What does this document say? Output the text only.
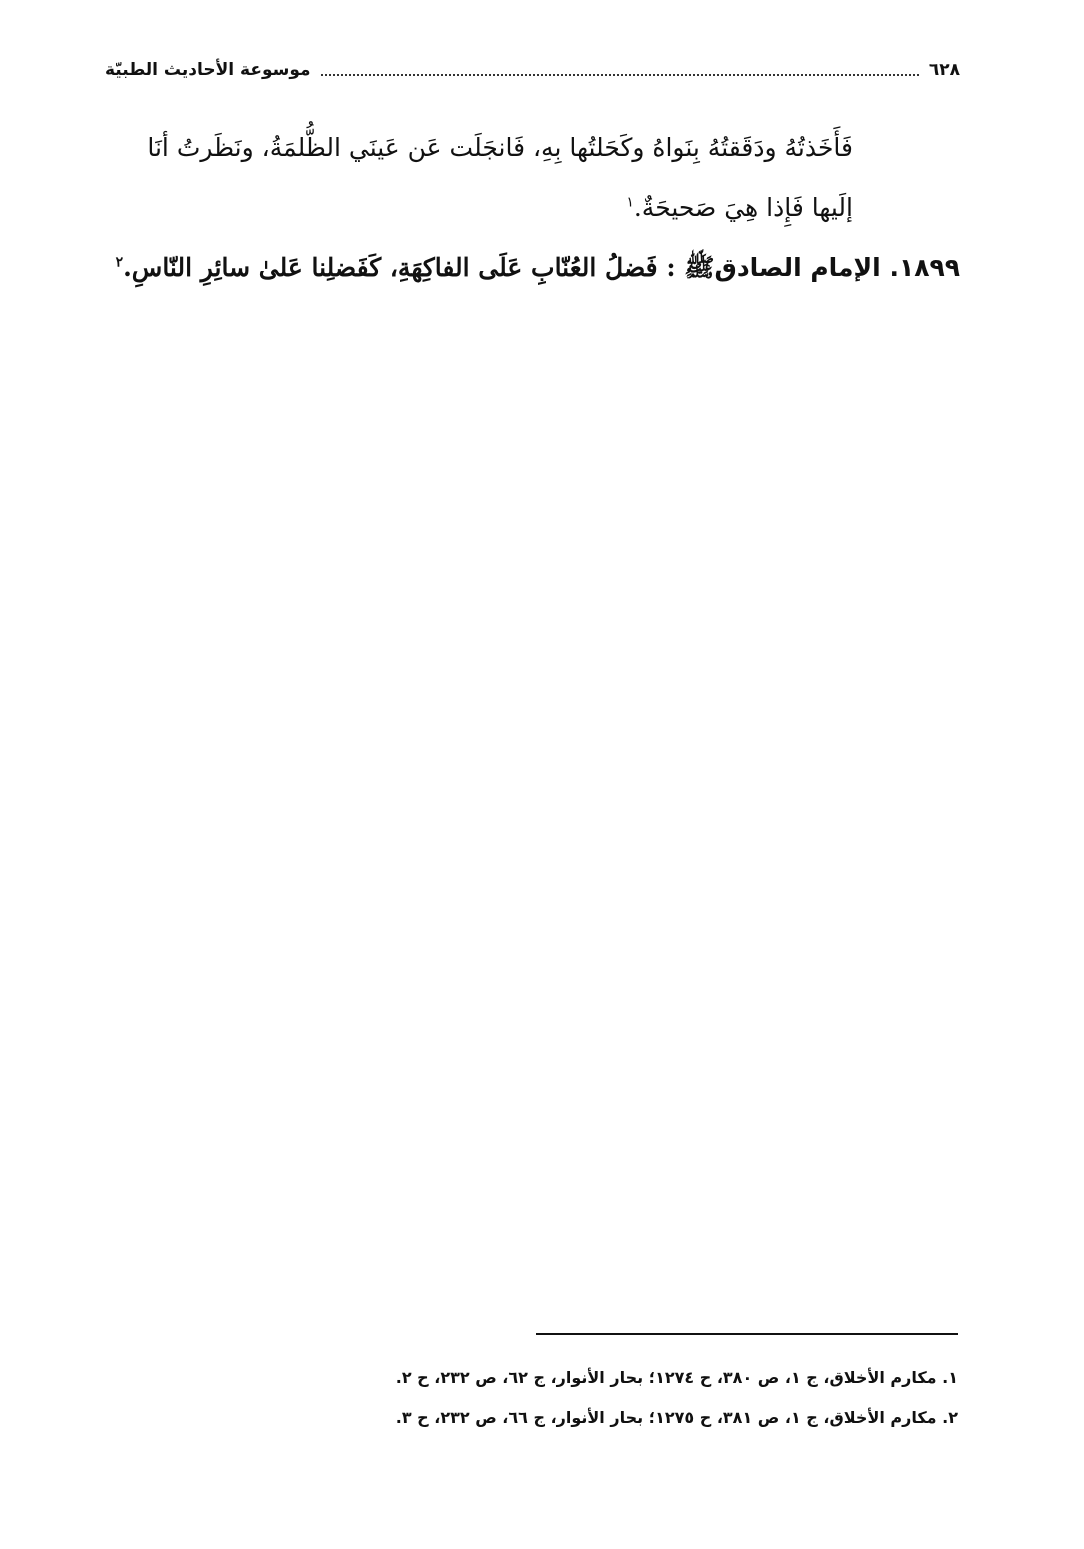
٦٢٨
موسوعة الأحاديث الطبيّة
فَأَخَذتُهُ ودَقَقتُهُ بِنَواهُ وكَحَلتُها بِهِ، فَانجَلَت عَن عَينَي الظُّلمَةُ، ونَظَرتُ أنَا
إلَيها فَإِذا هِيَ صَحيحَةٌ.$^١$
١٨٩٩. الإمام الصادقﷺ : فَضلُ العُنّابِ عَلَى الفاكِهَةِ، كَفَضلِنا عَلىٰ سائِرِ النّاسِ.$^٢$
١. مكارم الأخلاق، ج ١، ص ٣٨٠، ح ١٢٧٤؛ بحار الأنوار، ج ٦٢، ص ٢٣٢، ح ٢.
٢. مكارم الأخلاق، ج ١، ص ٣٨١، ح ١٢٧٥؛ بحار الأنوار، ج ٦٦، ص ٢٣٢، ح ٣.
